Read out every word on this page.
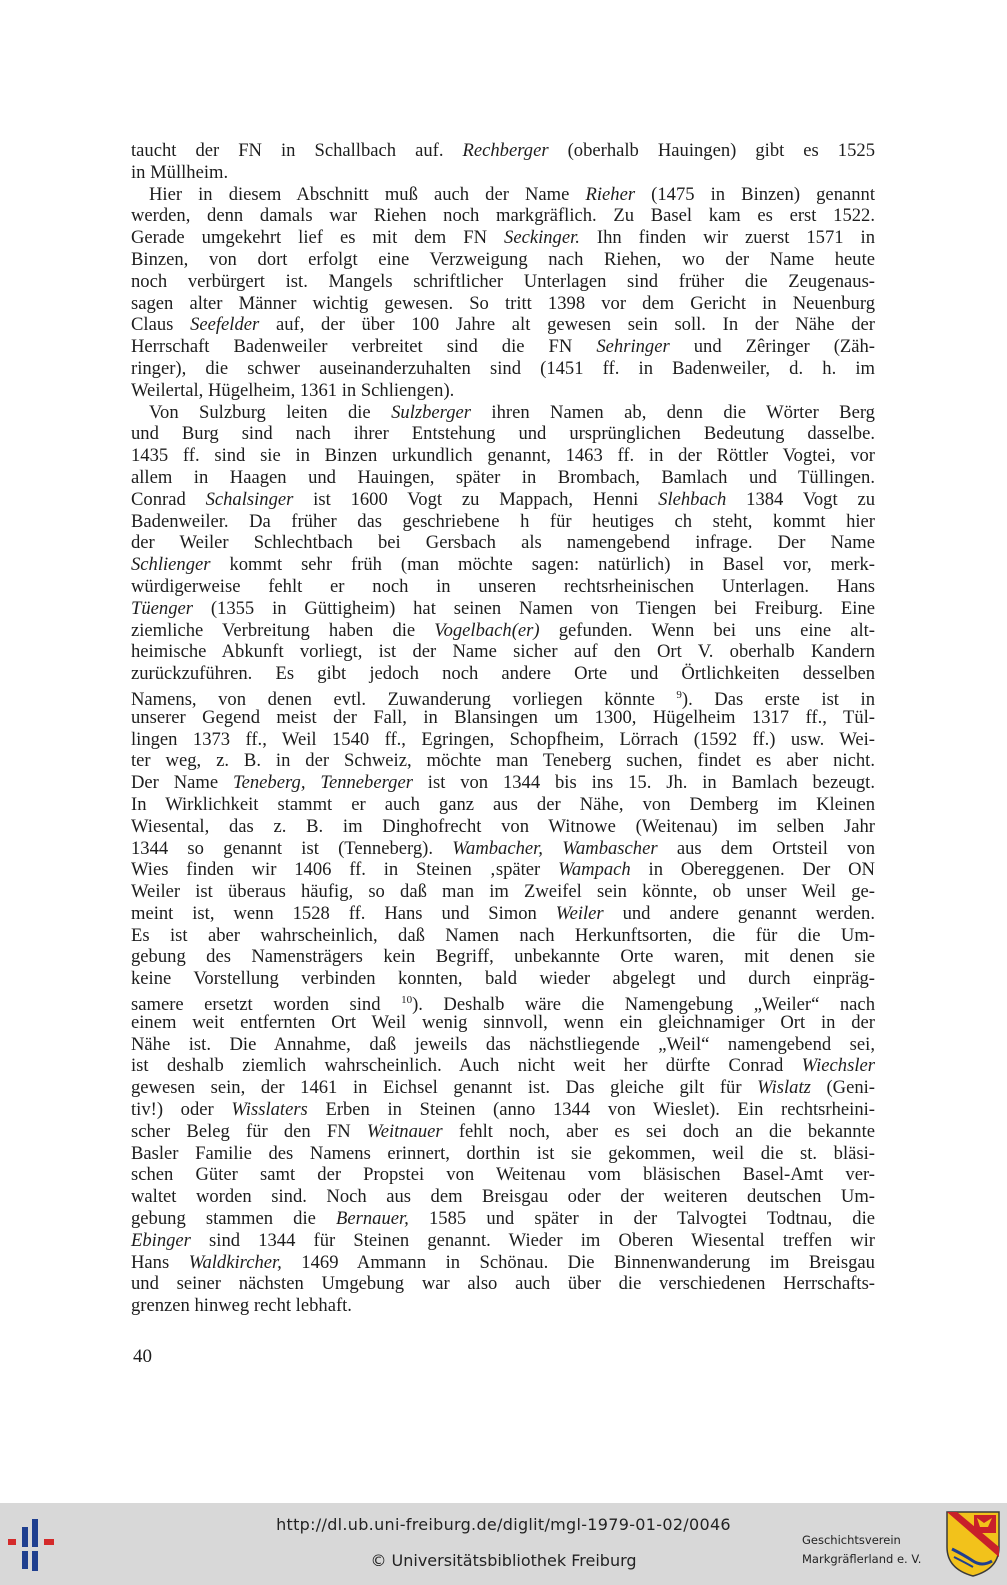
taucht der FN in Schallbach auf. Rechberger (oberhalb Hauingen) gibt es 1525
in Müllheim.
Hier in diesem Abschnitt muß auch der Name Rieher (1475 in Binzen) genannt
werden, denn damals war Riehen noch markgräflich. Zu Basel kam es erst 1522.
Gerade umgekehrt lief es mit dem FN Seckinger. Ihn finden wir zuerst 1571 in
Binzen, von dort erfolgt eine Verzweigung nach Riehen, wo der Name heute
noch verbürgert ist. Mangels schriftlicher Unterlagen sind früher die Zeugenaus-
sagen alter Männer wichtig gewesen. So tritt 1398 vor dem Gericht in Neuenburg
Claus Seefelder auf, der über 100 Jahre alt gewesen sein soll. In der Nähe der
Herrschaft Badenweiler verbreitet sind die FN Sehringer und Zêringer (Zäh-
ringer), die schwer auseinanderzuhalten sind (1451 ff. in Badenweiler, d. h. im
Weilertal, Hügelheim, 1361 in Schliengen).
Von Sulzburg leiten die Sulzberger ihren Namen ab, denn die Wörter Berg
und Burg sind nach ihrer Entstehung und ursprünglichen Bedeutung dasselbe.
1435 ff. sind sie in Binzen urkundlich genannt, 1463 ff. in der Röttler Vogtei, vor
allem in Haagen und Hauingen, später in Brombach, Bamlach und Tüllingen.
Conrad Schalsinger ist 1600 Vogt zu Mappach, Henni Slehbach 1384 Vogt zu
Badenweiler. Da früher das geschriebene h für heutiges ch steht, kommt hier
der Weiler Schlechtbach bei Gersbach als namengebend infrage. Der Name
Schlienger kommt sehr früh (man möchte sagen: natürlich) in Basel vor, merk-
würdigerweise fehlt er noch in unseren rechtsrheinischen Unterlagen. Hans
Tüenger (1355 in Güttigheim) hat seinen Namen von Tiengen bei Freiburg. Eine
ziemliche Verbreitung haben die Vogelbach(er) gefunden. Wenn bei uns eine alt-
heimische Abkunft vorliegt, ist der Name sicher auf den Ort V. oberhalb Kandern
zurückzuführen. Es gibt jedoch noch andere Orte und Örtlichkeiten desselben
Namens, von denen evtl. Zuwanderung vorliegen könnte $^9$). Das erste ist in
unserer Gegend meist der Fall, in Blansingen um 1300, Hügelheim 1317 ff., Tül-
lingen 1373 ff., Weil 1540 ff., Egringen, Schopfheim, Lörrach (1592 ff.) usw. Wei-
ter weg, z. B. in der Schweiz, möchte man Teneberg suchen, findet es aber nicht.
Der Name Teneberg, Tenneberger ist von 1344 bis ins 15. Jh. in Bamlach bezeugt.
In Wirklichkeit stammt er auch ganz aus der Nähe, von Demberg im Kleinen
Wiesental, das z. B. im Dinghofrecht von Witnowe (Weitenau) im selben Jahr
1344 so genannt ist (Tenneberg). Wambacher, Wambascher aus dem Ortsteil von
Wies finden wir 1406 ff. in Steinen ‚später Wampach in Obereggenen. Der ON
Weiler ist überaus häufig, so daß man im Zweifel sein könnte, ob unser Weil ge-
meint ist, wenn 1528 ff. Hans und Simon Weiler und andere genannt werden.
Es ist aber wahrscheinlich, daß Namen nach Herkunftsorten, die für die Um-
gebung des Namensträgers kein Begriff, unbekannte Orte waren, mit denen sie
keine Vorstellung verbinden konnten, bald wieder abgelegt und durch einpräg-
samere ersetzt worden sind $^{10}$). Deshalb wäre die Namengebung „Weiler“ nach
einem weit entfernten Ort Weil wenig sinnvoll, wenn ein gleichnamiger Ort in der
Nähe ist. Die Annahme, daß jeweils das nächstliegende „Weil“ namengebend sei,
ist deshalb ziemlich wahrscheinlich. Auch nicht weit her dürfte Conrad Wiechsler
gewesen sein, der 1461 in Eichsel genannt ist. Das gleiche gilt für Wislatz (Geni-
tiv!) oder Wisslaters Erben in Steinen (anno 1344 von Wieslet). Ein rechtsrheini-
scher Beleg für den FN Weitnauer fehlt noch, aber es sei doch an die bekannte
Basler Familie des Namens erinnert, dorthin ist sie gekommen, weil die st. bläsi-
schen Güter samt der Propstei von Weitenau vom bläsischen Basel-Amt ver-
waltet worden sind. Noch aus dem Breisgau oder der weiteren deutschen Um-
gebung stammen die Bernauer, 1585 und später in der Talvogtei Todtnau, die
Ebinger sind 1344 für Steinen genannt. Wieder im Oberen Wiesental treffen wir
Hans Waldkircher, 1469 Ammann in Schönau. Die Binnenwanderung im Breisgau
und seiner nächsten Umgebung war also auch über die verschiedenen Herrschafts-
grenzen hinweg recht lebhaft.
40
http://dl.ub.uni-freiburg.de/diglit/mgl-1979-01-02/0046
© Universitätsbibliothek Freiburg
Geschichtsverein
Markgräflerland e. V.
